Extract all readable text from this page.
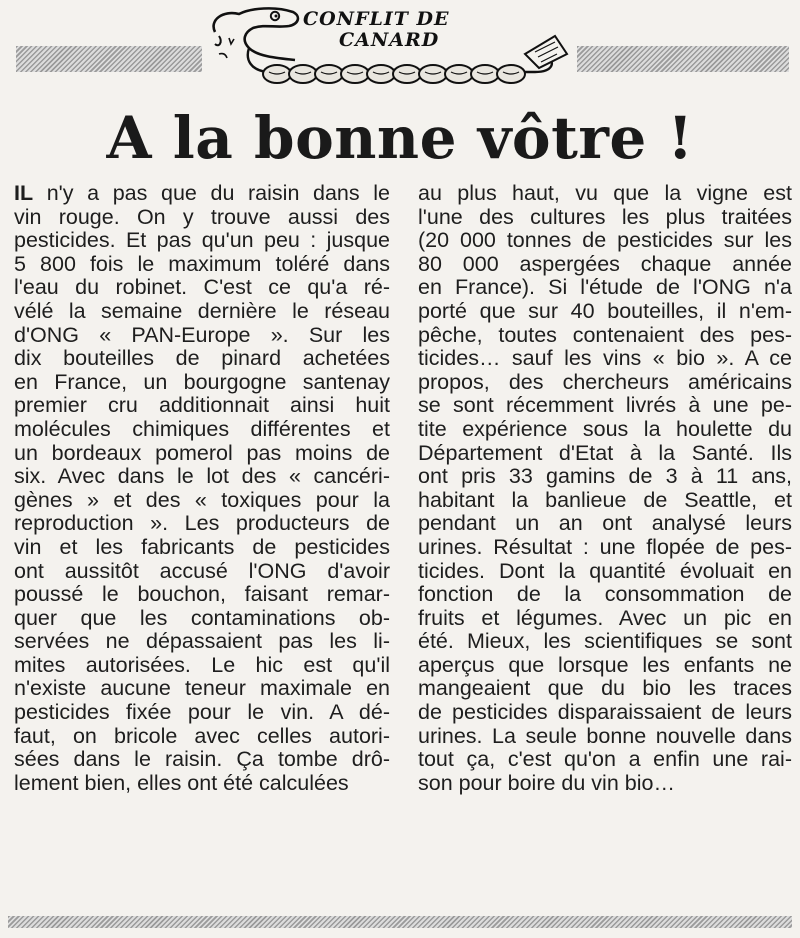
CONFLIT DE
CANARD
A la bonne vôtre !
IL n'y a pas que du raisin dans le
vin rouge. On y trouve aussi des
pesticides. Et pas qu'un peu : jusque
5 800 fois le maximum toléré dans
l'eau du robinet. C'est ce qu'a ré-
vélé la semaine dernière le réseau
d'ONG « PAN-Europe ». Sur les
dix bouteilles de pinard achetées
en France, un bourgogne santenay
premier cru additionnait ainsi huit
molécules chimiques différentes et
un bordeaux pomerol pas moins de
six. Avec dans le lot des « cancéri-
gènes » et des « toxiques pour la
reproduction ». Les producteurs de
vin et les fabricants de pesticides
ont aussitôt accusé l'ONG d'avoir
poussé le bouchon, faisant remar-
quer que les contaminations ob-
servées ne dépassaient pas les li-
mites autorisées. Le hic est qu'il
n'existe aucune teneur maximale en
pesticides fixée pour le vin. A dé-
faut, on bricole avec celles autori-
sées dans le raisin. Ça tombe drô-
lement bien, elles ont été calculées
au plus haut, vu que la vigne est
l'une des cultures les plus traitées
(20 000 tonnes de pesticides sur les
80 000 aspergées chaque année
en France). Si l'étude de l'ONG n'a
porté que sur 40 bouteilles, il n'em-
pêche, toutes contenaient des pes-
ticides… sauf les vins « bio ». A ce
propos, des chercheurs américains
se sont récemment livrés à une pe-
tite expérience sous la houlette du
Département d'Etat à la Santé. Ils
ont pris 33 gamins de 3 à 11 ans,
habitant la banlieue de Seattle, et
pendant un an ont analysé leurs
urines. Résultat : une flopée de pes-
ticides. Dont la quantité évoluait en
fonction de la consommation de
fruits et légumes. Avec un pic en
été. Mieux, les scientifiques se sont
aperçus que lorsque les enfants ne
mangeaient que du bio les traces
de pesticides disparaissaient de leurs
urines. La seule bonne nouvelle dans
tout ça, c'est qu'on a enfin une rai-
son pour boire du vin bio…
